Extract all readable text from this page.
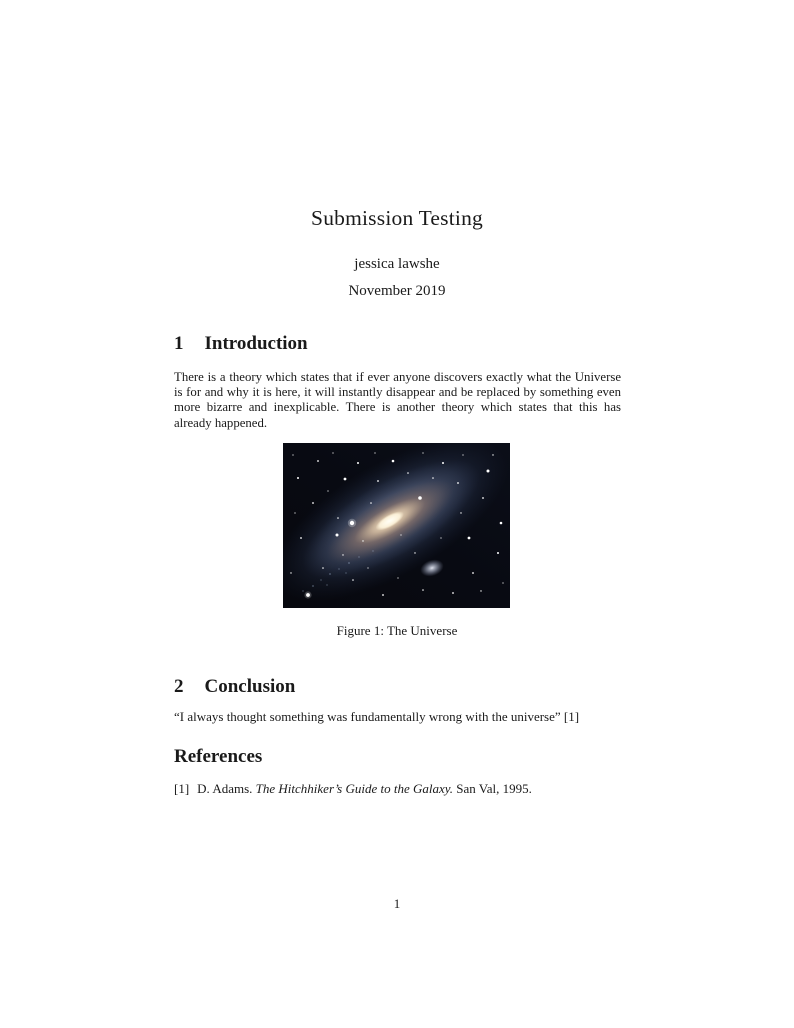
Submission Testing
jessica lawshe
November 2019
1 Introduction
There is a theory which states that if ever anyone discovers exactly what the Universe is for and why it is here, it will instantly disappear and be replaced by something even more bizarre and inexplicable. There is another theory which states that this has already happened.
Figure 1: The Universe
2 Conclusion
“I always thought something was fundamentally wrong with the universe” [1]
References
[1] D. Adams. The Hitchhiker’s Guide to the Galaxy. San Val, 1995.
1
